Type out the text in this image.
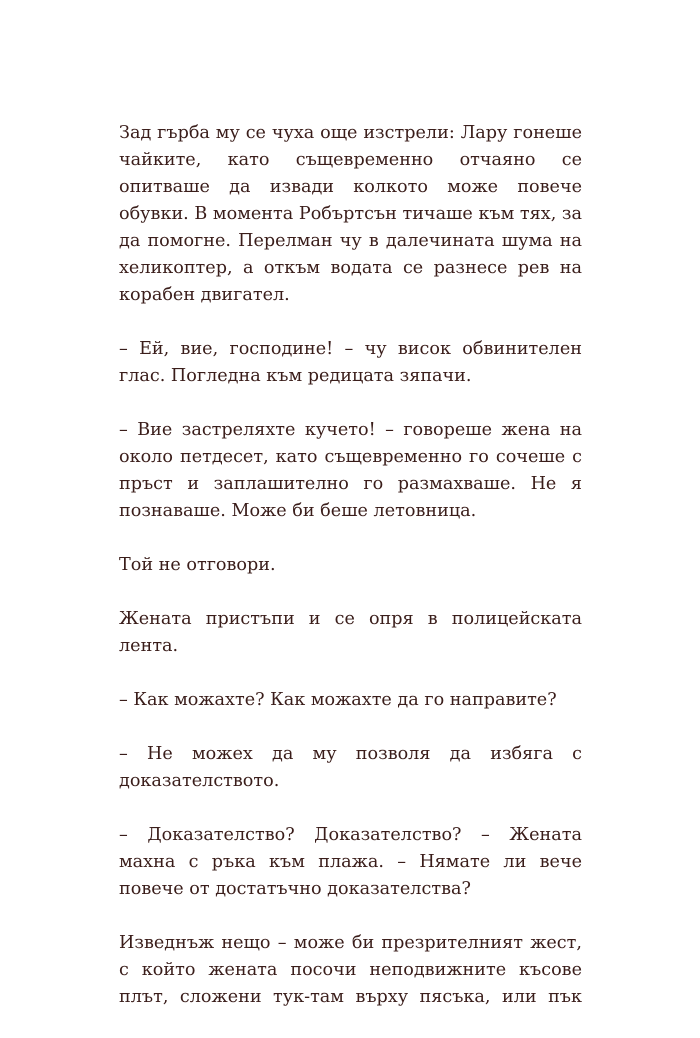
Зад гърба му се чуха още изстрели: Лару гонеше чайките, като същевременно отчаяно се опитваше да извади колкото може повече обувки. В момента Робъртсън тичаше към тях, за да помогне. Перелман чу в далечината шума на хеликоптер, а откъм водата се разнесе рев на корабен двигател.

– Ей, вие, господине! – чу висок обвинителен глас. Погледна към редицата зяпачи.

– Вие застреляхте кучето! – говореше жена на около петдесет, като същевременно го сочеше с пръст и заплашително го размахваше. Не я познаваше. Може би беше летовница.

Той не отговори.

Жената пристъпи и се опря в полицейската лента.

– Как можахте? Как можахте да го направите?

– Не можех да му позволя да избяга с доказателството.

– Доказателство? Доказателство? – Жената махна с ръка към плажа. – Нямате ли вече повече от достатъчно доказателства?

Изведнъж нещо – може би презрителният жест, с който жената посочи неподвижните късове плът, сложени тук-там върху пясъка, или пък
